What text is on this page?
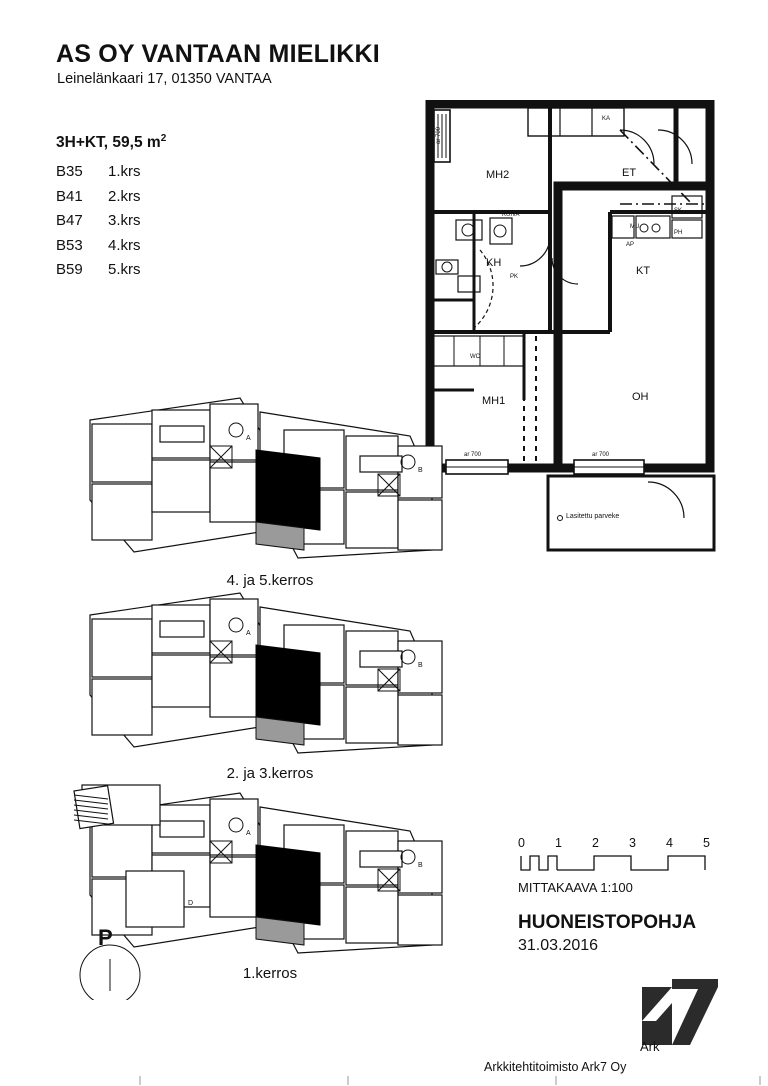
AS OY VANTAAN MIELIKKI
Leinelänkaari 17, 01350 VANTAA
3H+KT, 59,5 $m^2$
B35	1.krs
B41	2.krs
B47	3.krs
B53	4.krs
B59	5.krs
MH2	ET
KH
KT
MH1	OH
SK
MU
AP
KA
KUIVA
PH
PK
WC
ar 700	ar 700
ar 700
Lasitettu parveke
A
B
4. ja 5.kerros
A
B
2. ja 3.kerros
A
B
D
1.kerros
P
0 1 2 3 4 5
MITTAKAAVA 1:100
HUONEISTOPOHJA
31.03.2016
Arkkitehtitoimisto Ark7 Oy
Ark
